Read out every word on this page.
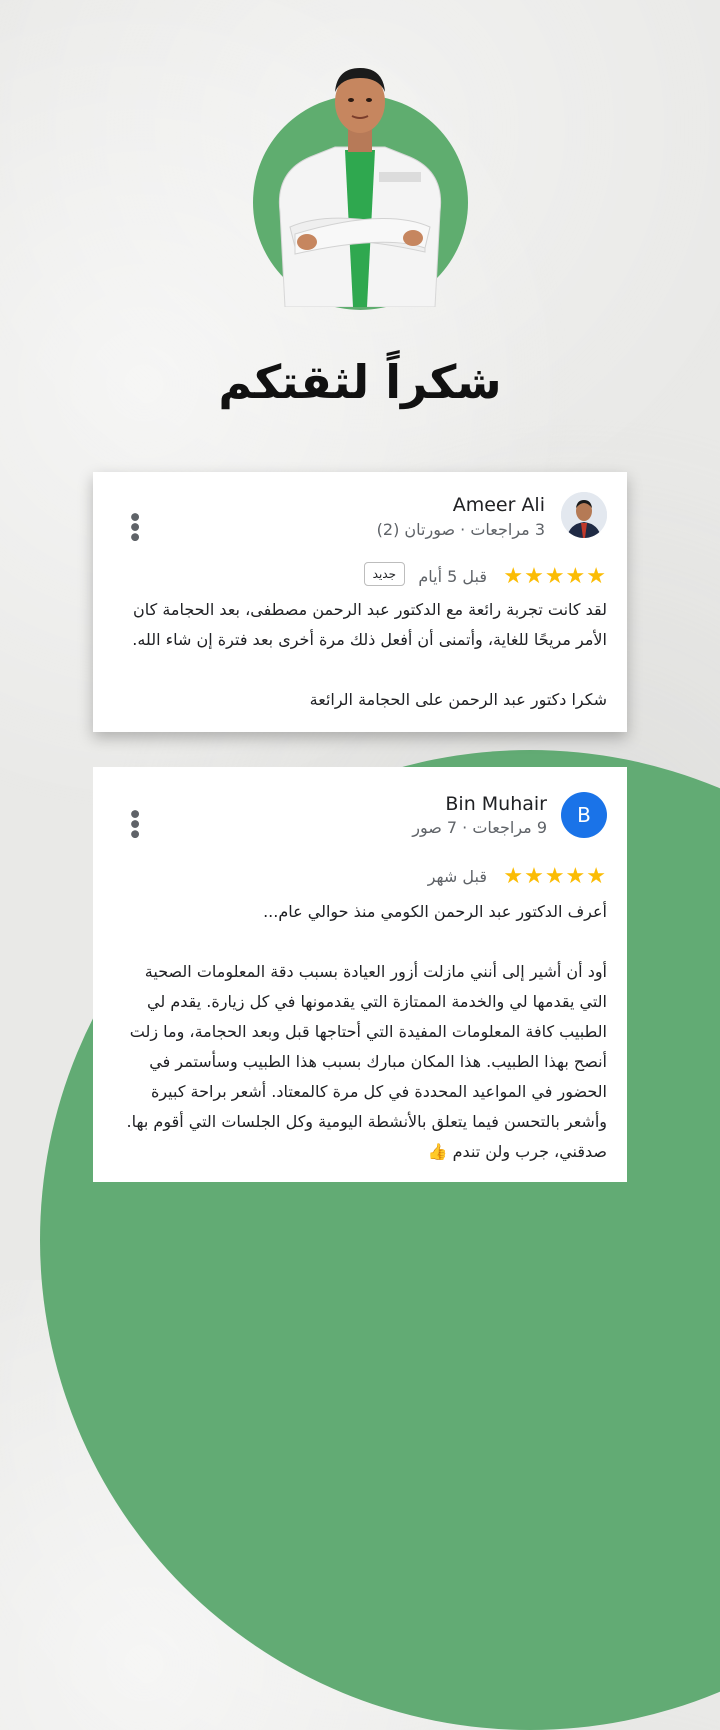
شكراً لثقتكم
Ameer Ali
3 مراجعات · صورتان (2)
•••
★★★★★
قبل 5 أيام
جديد

لقد كانت تجربة رائعة مع الدكتور عبد الرحمن مصطفى، بعد الحجامة كان الأمر مريحًا للغاية، وأتمنى أن أفعل ذلك مرة أخرى بعد فترة إن شاء الله.

شكرا دكتور عبد الرحمن على الحجامة الرائعة

B
Bin Muhair
9 مراجعات · 7 صور
•••
★★★★★
قبل شهر

أعرف الدكتور عبد الرحمن الكومي منذ حوالي عام...

أود أن أشير إلى أنني مازلت أزور العيادة بسبب دقة المعلومات الصحية التي يقدمها لي والخدمة الممتازة التي يقدمونها في كل زيارة. يقدم لي الطبيب كافة المعلومات المفيدة التي أحتاجها قبل وبعد الحجامة، وما زلت أنصح بهذا الطبيب. هذا المكان مبارك بسبب هذا الطبيب وسأستمر في الحضور في المواعيد المحددة في كل مرة كالمعتاد. أشعر براحة كبيرة وأشعر بالتحسن فيما يتعلق بالأنشطة اليومية وكل الجلسات التي أقوم بها. صدقني، جرب ولن تندم 👍
